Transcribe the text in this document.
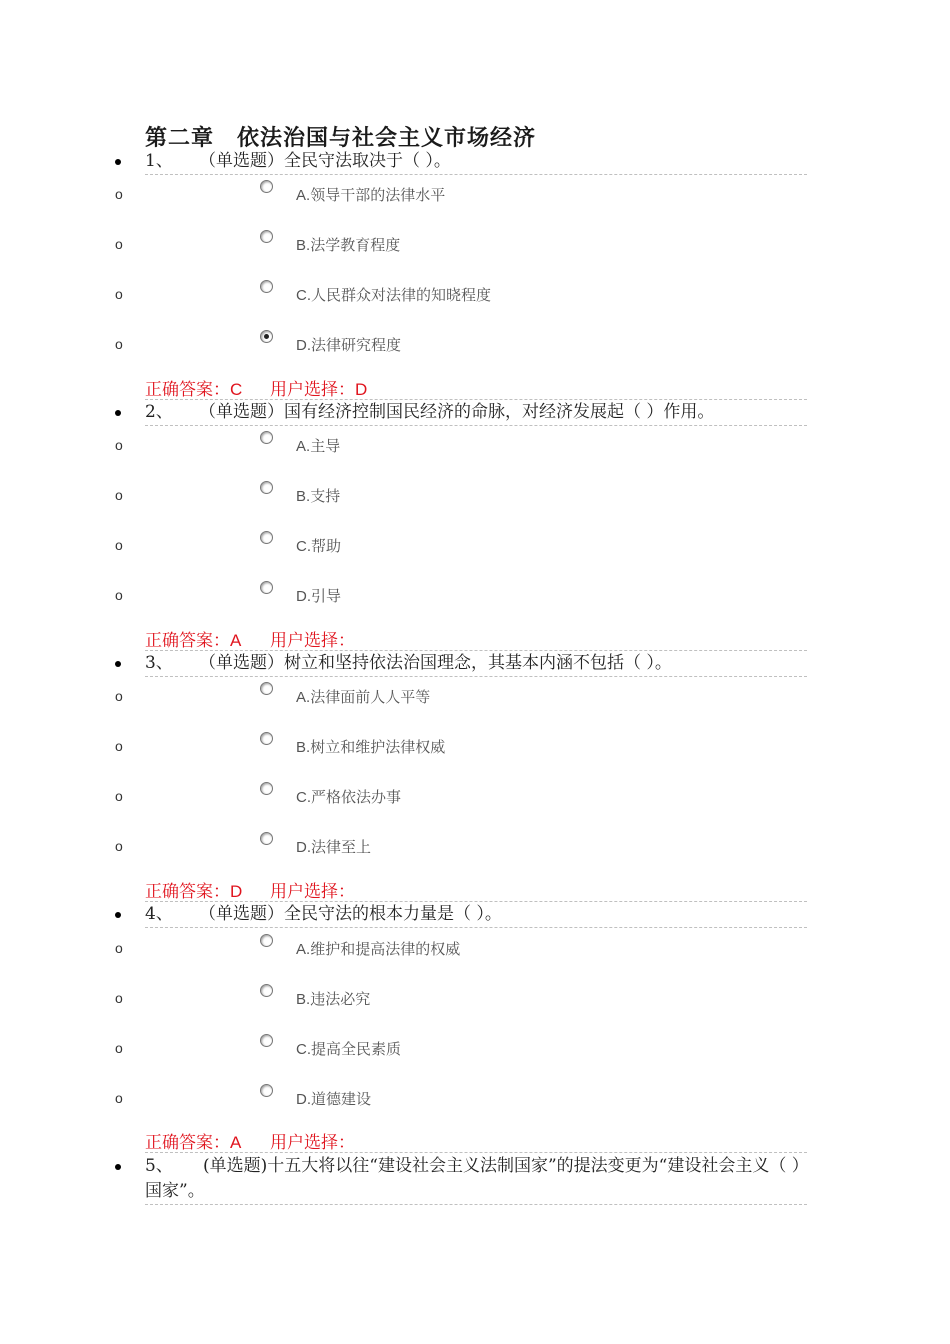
第二章　依法治国与社会主义市场经济
1、 （单选题）全民守法取决于（ ）。
o	A.领导干部的法律水平
o	B.法学教育程度
o	C.人民群众对法律的知晓程度
o	D.法律研究程度
正确答案：C 用户选择：D
2、 （单选题）国有经济控制国民经济的命脉，对经济发展起（ ）作用。
o	A.主导
o	B.支持
o	C.帮助
o	D.引导
正确答案：A 用户选择：
3、 （单选题）树立和坚持依法治国理念，其基本内涵不包括（ ）。
o	A.法律面前人人平等
o	B.树立和维护法律权威
o	C.严格依法办事
o	D.法律至上
正确答案：D 用户选择：
4、 （单选题）全民守法的根本力量是（ ）。
o	A.维护和提高法律的权威
o	B.违法必究
o	C.提高全民素质
o	D.道德建设
正确答案：A 用户选择：
5、 (单选题)十五大将以往“建设社会主义法制国家”的提法变更为“建设社会主义（ ）国家”。
